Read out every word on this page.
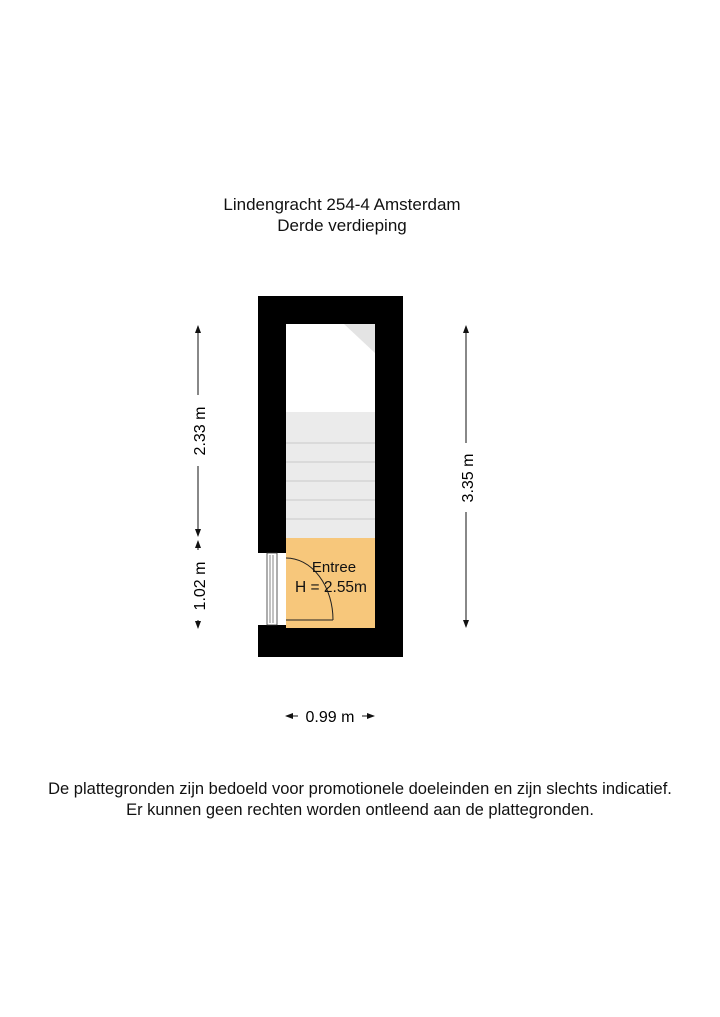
Lindengracht 254-4 Amsterdam
Derde verdieping
Entree
H = 2.55m
2.33 m
1.02 m
3.35 m
0.99 m
De plattegronden zijn bedoeld voor promotionele doeleinden en zijn slechts indicatief.
Er kunnen geen rechten worden ontleend aan de plattegronden.
